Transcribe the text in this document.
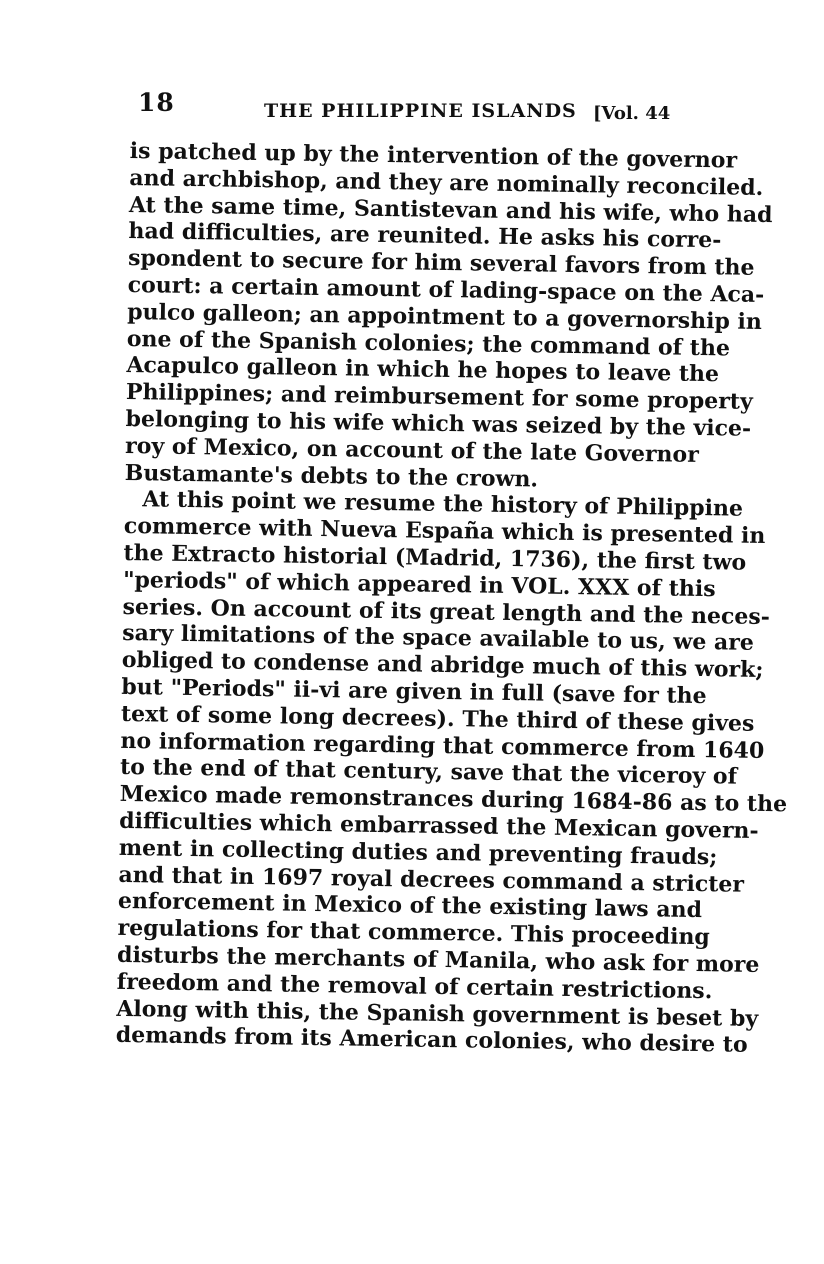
18	THE PHILIPPINE ISLANDS [Vol. 44
is patched up by the intervention of the governor
and archbishop, and they are nominally reconciled.
At the same time, Santistevan and his wife, who had
had difficulties, are reunited. He asks his corre-
spondent to secure for him several favors from the
court: a certain amount of lading-space on the Aca-
pulco galleon; an appointment to a governorship in
one of the Spanish colonies; the command of the
Acapulco galleon in which he hopes to leave the
Philippines; and reimbursement for some property
belonging to his wife which was seized by the vice-
roy of Mexico, on account of the late Governor
Bustamante's debts to the crown.
At this point we resume the history of Philippine
commerce with Nueva España which is presented in
the Extracto historial (Madrid, 1736), the first two
"periods" of which appeared in VOL. XXX of this
series. On account of its great length and the neces-
sary limitations of the space available to us, we are
obliged to condense and abridge much of this work;
but "Periods" ii-vi are given in full (save for the
text of some long decrees). The third of these gives
no information regarding that commerce from 1640
to the end of that century, save that the viceroy of
Mexico made remonstrances during 1684-86 as to the
difficulties which embarrassed the Mexican govern-
ment in collecting duties and preventing frauds;
and that in 1697 royal decrees command a stricter
enforcement in Mexico of the existing laws and
regulations for that commerce. This proceeding
disturbs the merchants of Manila, who ask for more
freedom and the removal of certain restrictions.
Along with this, the Spanish government is beset by
demands from its American colonies, who desire to
